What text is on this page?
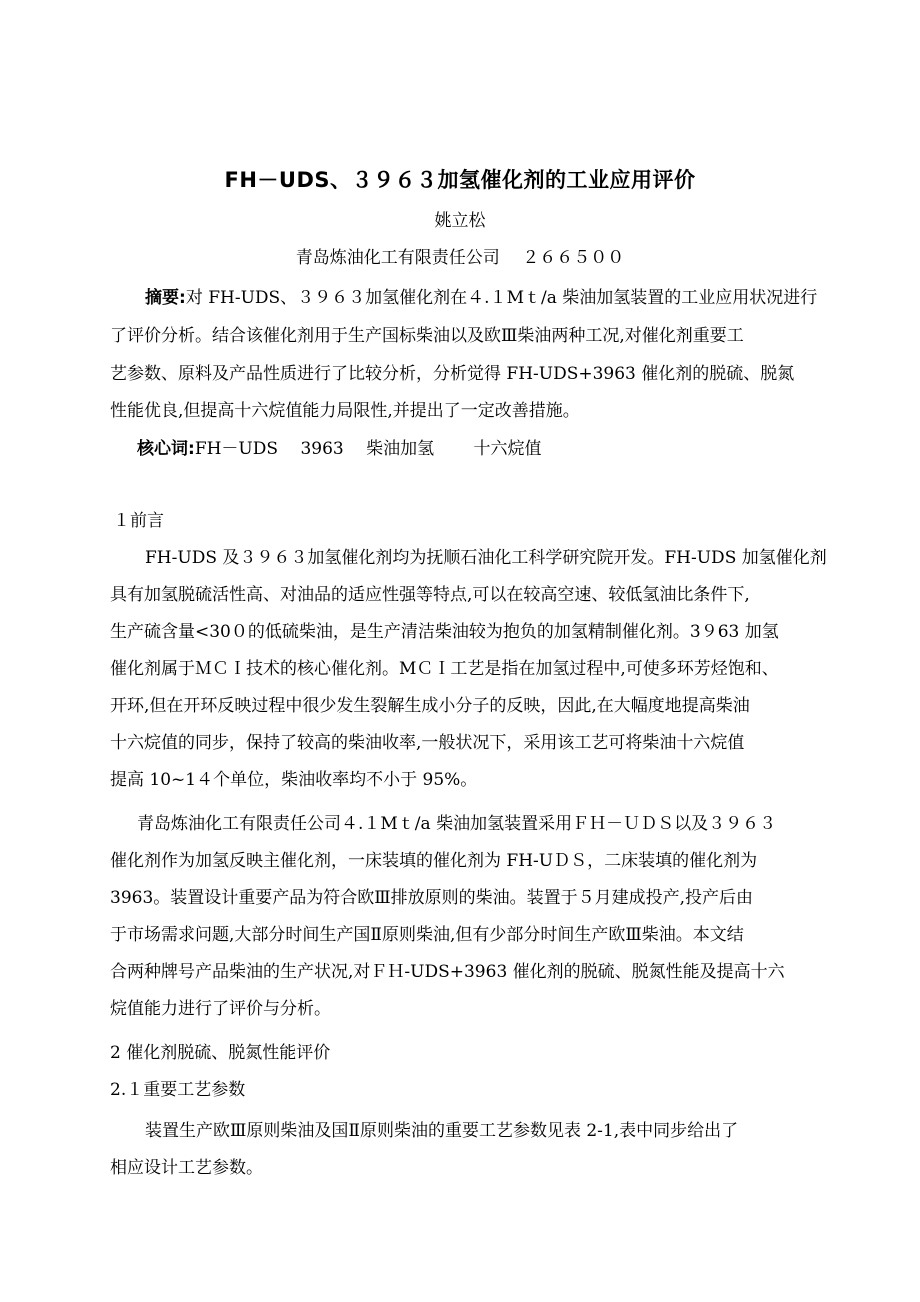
FH－UDS、３９６３加氢催化剂的工业应用评价
姚立松
青岛炼油化工有限责任公司　 ２６６５００
摘要:对 FH-UDS、３９６３加氢催化剂在４.１Mｔ/a 柴油加氢装置的工业应用状况进行
了评价分析。结合该催化剂用于生产国标柴油以及欧Ⅲ柴油两种工况,对催化剂重要工
艺参数、原料及产品性质进行了比较分析，分析觉得 FH-UDS+3963 催化剂的脱硫、脱氮
性能优良,但提高十六烷值能力局限性,并提出了一定改善措施。
核心词:FH－UDS　 3963　 柴油加氢　　 十六烷值
１前言
FH-UDS 及３９６３加氢催化剂均为抚顺石油化工科学研究院开发。FH-UDS 加氢催化剂
具有加氢脱硫活性高、对油品的适应性强等特点,可以在较高空速、较低氢油比条件下,
生产硫含量<30０的低硫柴油，是生产清洁柴油较为抱负的加氢精制催化剂。3９63 加氢
催化剂属于ＭＣＩ技术的核心催化剂。MＣＩ工艺是指在加氢过程中,可使多环芳烃饱和、
开环,但在开环反映过程中很少发生裂解生成小分子的反映，因此,在大幅度地提高柴油
十六烷值的同步，保持了较高的柴油收率,一般状况下，采用该工艺可将柴油十六烷值
提高 10~1４个单位，柴油收率均不小于 95%。
青岛炼油化工有限责任公司４.１Mｔ/a 柴油加氢装置采用ＦＨ－ＵＤＳ以及３９６３
催化剂作为加氢反映主催化剂，一床装填的催化剂为 FH-UＤＳ，二床装填的催化剂为
3963。装置设计重要产品为符合欧Ⅲ排放原则的柴油。装置于５月建成投产,投产后由
于市场需求问题,大部分时间生产国Ⅱ原则柴油,但有少部分时间生产欧Ⅲ柴油。本文结
合两种牌号产品柴油的生产状况,对ＦＨ-UDS+3963 催化剂的脱硫、脱氮性能及提高十六
烷值能力进行了评价与分析。
2 催化剂脱硫、脱氮性能评价
2.１重要工艺参数
装置生产欧Ⅲ原则柴油及国Ⅱ原则柴油的重要工艺参数见表 2-1,表中同步给出了
相应设计工艺参数。
